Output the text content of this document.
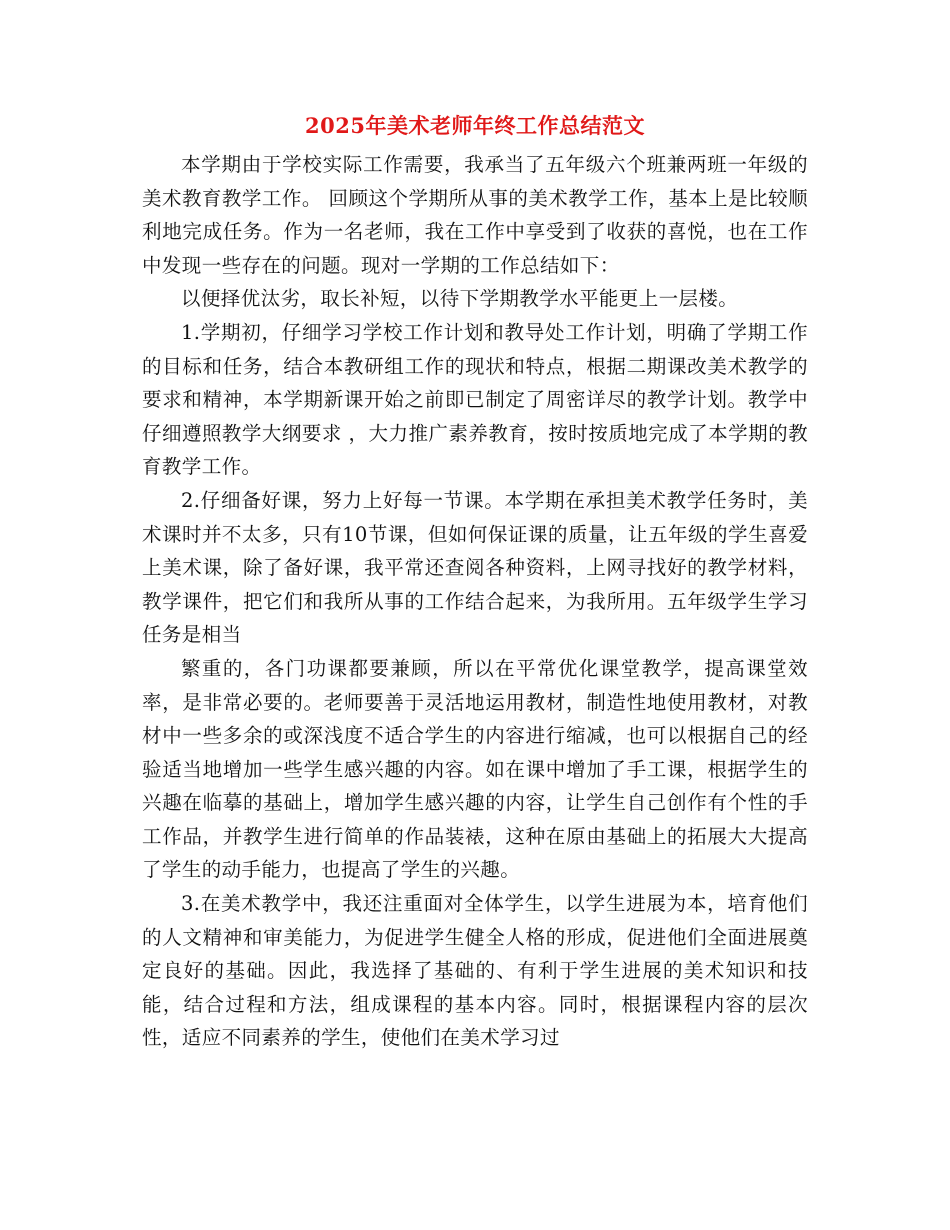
2025年美术老师年终工作总结范文

本学期由于学校实际工作需要，我承当了五年级六个班兼两班一年级的美术教育教学工作。 回顾这个学期所从事的美术教学工作，基本上是比较顺利地完成任务。作为一名老师，我在工作中享受到了收获的喜悦，也在工作中发现一些存在的问题。现对一学期的工作总结如下：

以便择优汰劣，取长补短，以待下学期教学水平能更上一层楼。

1.学期初，仔细学习学校工作计划和教导处工作计划，明确了学期工作的目标和任务，结合本教研组工作的现状和特点，根据二期课改美术教学的要求和精神，本学期新课开始之前即已制定了周密详尽的教学计划。教学中仔细遵照教学大纲要求 ，大力推广素养教育，按时按质地完成了本学期的教育教学工作。

2.仔细备好课，努力上好每一节课。本学期在承担美术教学任务时，美术课时并不太多，只有10节课，但如何保证课的质量，让五年级的学生喜爱上美术课，除了备好课，我平常还查阅各种资料，上网寻找好的教学材料，教学课件，把它们和我所从事的工作结合起来，为我所用。五年级学生学习任务是相当

繁重的，各门功课都要兼顾，所以在平常优化课堂教学，提高课堂效率，是非常必要的。老师要善于灵活地运用教材，制造性地使用教材，对教材中一些多余的或深浅度不适合学生的内容进行缩减，也可以根据自己的经验适当地增加一些学生感兴趣的内容。如在课中增加了手工课，根据学生的兴趣在临摹的基础上，增加学生感兴趣的内容，让学生自己创作有个性的手工作品，并教学生进行简单的作品装裱，这种在原由基础上的拓展大大提高了学生的动手能力，也提高了学生的兴趣。

3.在美术教学中，我还注重面对全体学生，以学生进展为本，培育他们的人文精神和审美能力，为促进学生健全人格的形成，促进他们全面进展奠定良好的基础。因此，我选择了基础的、有利于学生进展的美术知识和技能，结合过程和方法，组成课程的基本内容。同时，根据课程内容的层次性，适应不同素养的学生，使他们在美术学习过
